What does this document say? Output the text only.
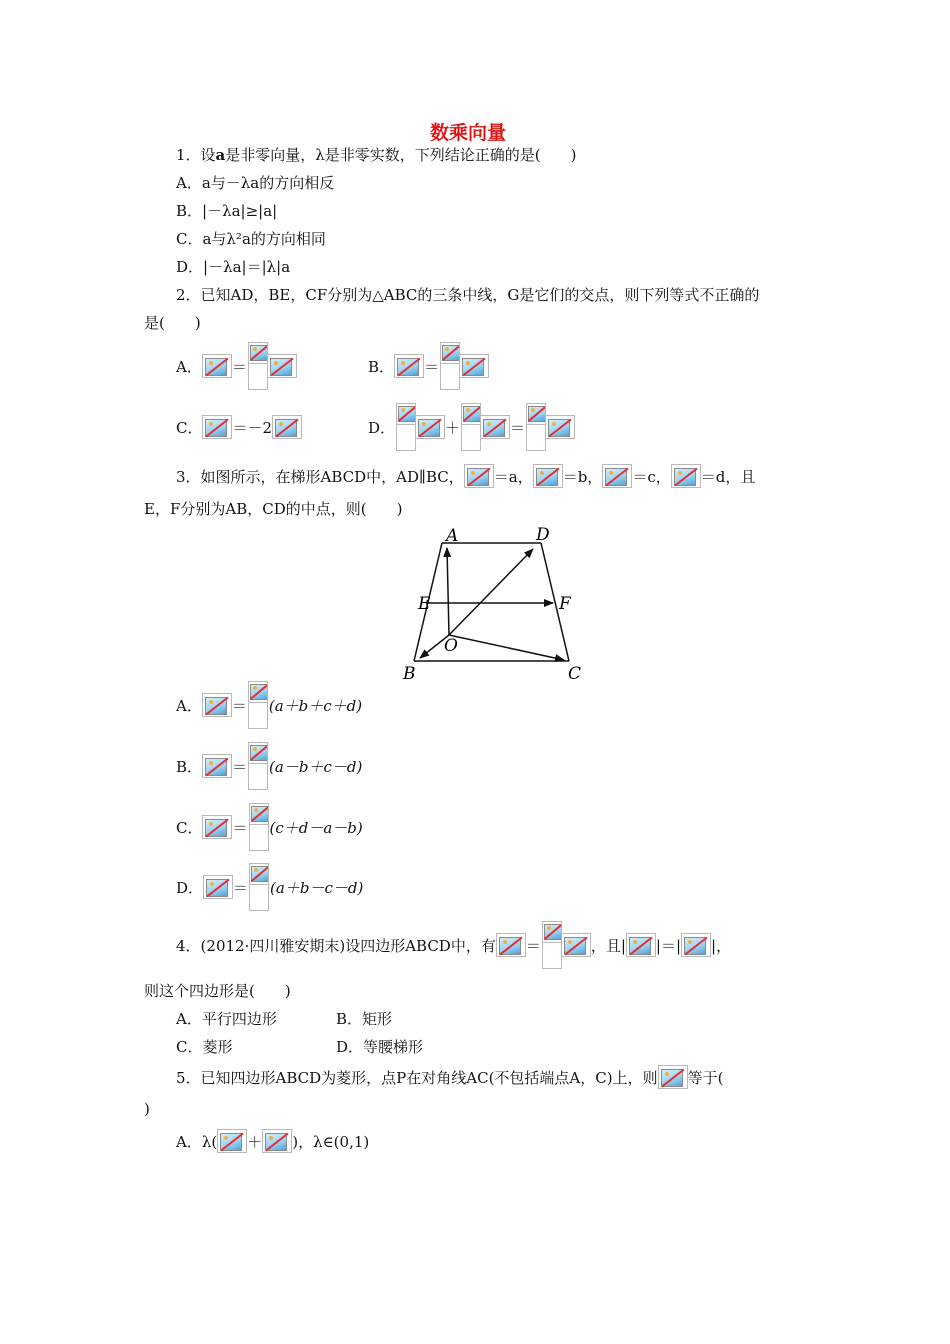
数乘向量
1．设a是非零向量，λ是非零实数，下列结论正确的是(　　)
A．a与－λa的方向相反
B．|－λa|≥|a|
C．a与λ²a的方向相同
D．|－λa|＝|λ|a
2．已知AD，BE，CF分别为△ABC的三条中线，G是它们的交点，则下列等式不正确的
是(　　)
A． ＝	B． ＝
C． ＝－2	D．	＋	＝
3．如图所示，在梯形ABCD中，AD∥BC， ＝a， ＝b， ＝c， ＝d，且
E，F分别为AB，CD的中点，则(　　)
A	D
E	F
O
B	C
A． ＝ (a＋b＋c＋d)
B． ＝ (a－b＋c－d)
C． ＝ (c＋d－a－b)
D． ＝ (a＋b－c－d)
4．(2012·四川雅安期末)设四边形ABCD中，有 ＝	，且| |＝| |，
则这个四边形是(　　)
A．平行四边形	B．矩形
C．菱形	D．等腰梯形
5．已知四边形ABCD为菱形，点P在对角线AC(不包括端点A，C)上，则 等于(
)
A．λ( ＋ )，λ∈(0,1)
